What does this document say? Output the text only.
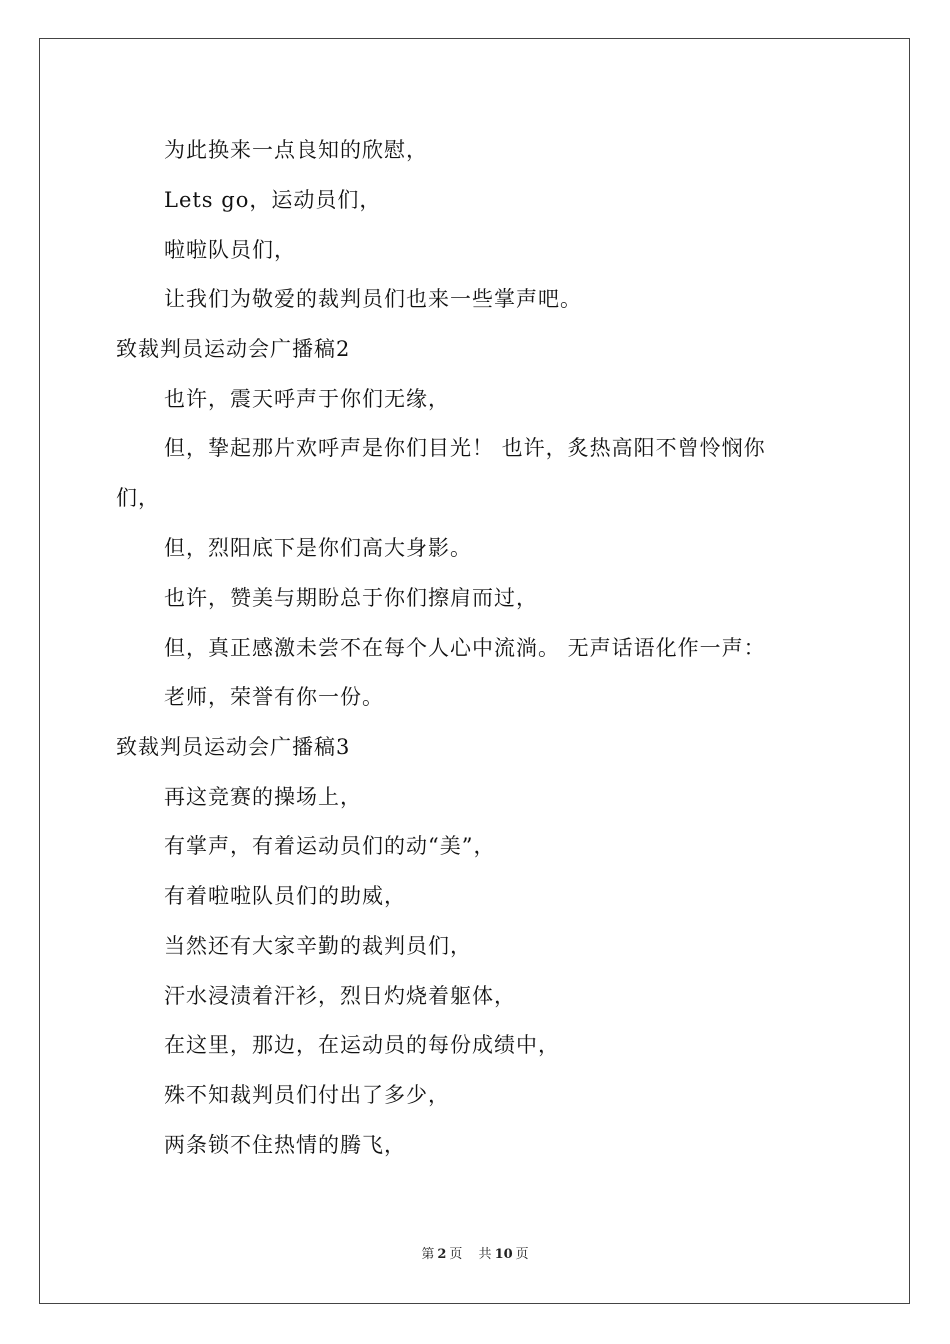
为此换来一点良知的欣慰，
Lets go，运动员们，
啦啦队员们，
让我们为敬爱的裁判员们也来一些掌声吧。
致裁判员运动会广播稿2
也许，震天呼声于你们无缘，
但，挚起那片欢呼声是你们目光！ 也许，炙热高阳不曾怜悯你
们，
但，烈阳底下是你们高大身影。
也许，赞美与期盼总于你们擦肩而过，
但，真正感激未尝不在每个人心中流淌。 无声话语化作一声：
老师，荣誉有你一份。
致裁判员运动会广播稿3
再这竞赛的操场上，
有掌声，有着运动员们的动“美”，
有着啦啦队员们的助威，
当然还有大家辛勤的裁判员们，
汗水浸渍着汗衫，烈日灼烧着躯体，
在这里，那边，在运动员的每份成绩中，
殊不知裁判员们付出了多少，
两条锁不住热情的腾飞，
第 2 页 共 10 页
